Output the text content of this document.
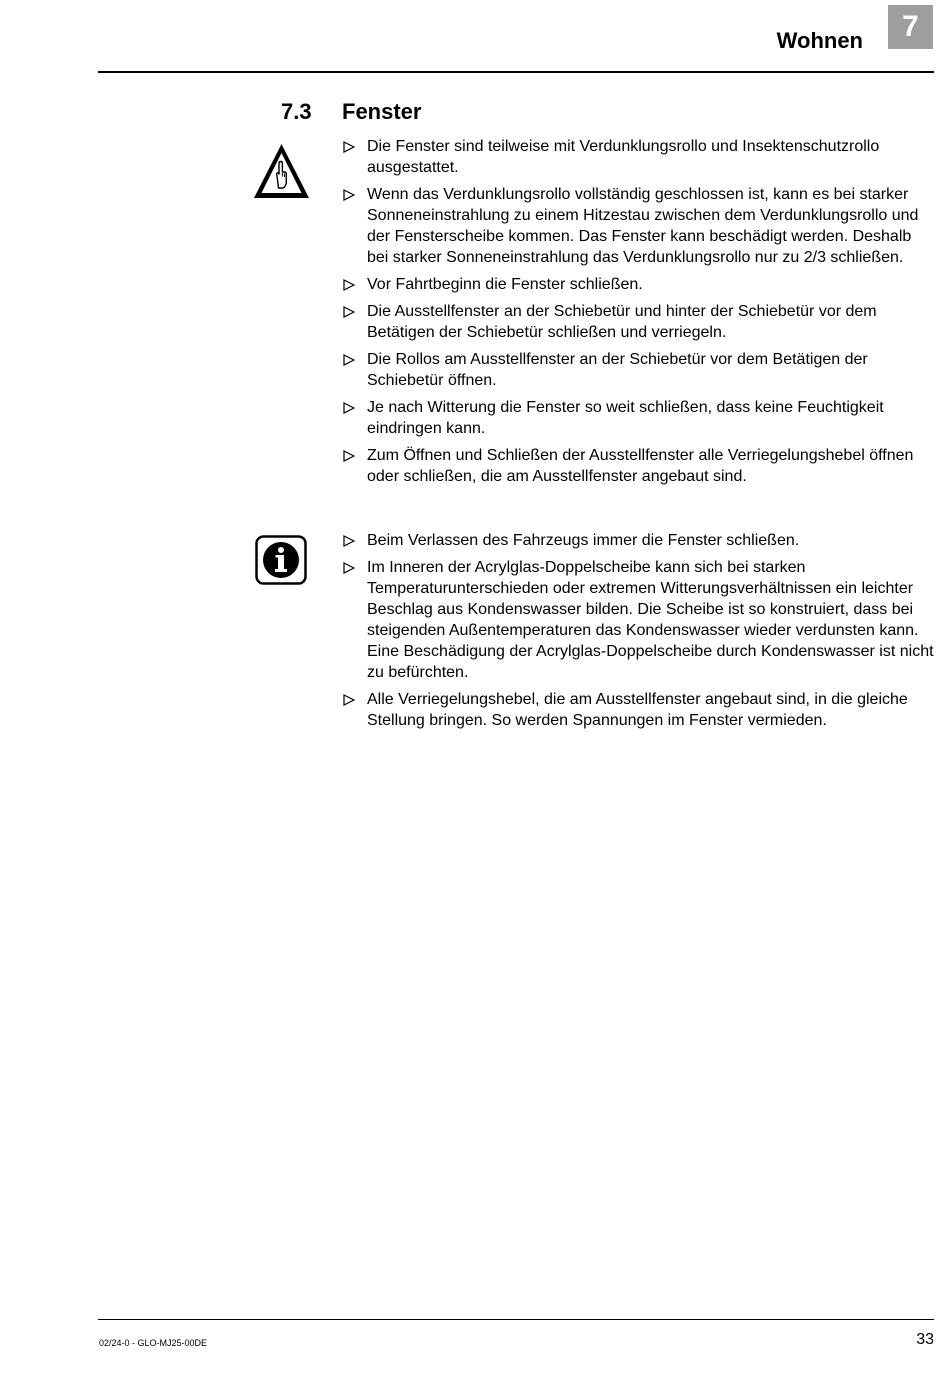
Wohnen	7
7.3 Fenster
Die Fenster sind teilweise mit Verdunklungsrollo und Insektenschutzrollo ausgestattet.
Wenn das Verdunklungsrollo vollständig geschlossen ist, kann es bei starker Sonneneinstrahlung zu einem Hitzestau zwischen dem Verdunklungsrollo und der Fensterscheibe kommen. Das Fenster kann beschädigt werden. Deshalb bei starker Sonneneinstrahlung das Verdunklungsrollo nur zu 2/3 schließen.
Vor Fahrtbeginn die Fenster schließen.
Die Ausstellfenster an der Schiebetür und hinter der Schiebetür vor dem Betätigen der Schiebetür schließen und verriegeln.
Die Rollos am Ausstellfenster an der Schiebetür vor dem Betätigen der Schiebetür öffnen.
Je nach Witterung die Fenster so weit schließen, dass keine Feuchtigkeit eindringen kann.
Zum Öffnen und Schließen der Ausstellfenster alle Verriegelungshebel öffnen oder schließen, die am Ausstellfenster angebaut sind.
Beim Verlassen des Fahrzeugs immer die Fenster schließen.
Im Inneren der Acrylglas-Doppelscheibe kann sich bei starken Temperaturunterschieden oder extremen Witterungsverhältnissen ein leichter Beschlag aus Kondenswasser bilden. Die Scheibe ist so konstruiert, dass bei steigenden Außentemperaturen das Kondenswasser wieder verdunsten kann. Eine Beschädigung der Acrylglas-Doppelscheibe durch Kondenswasser ist nicht zu befürchten.
Alle Verriegelungshebel, die am Ausstellfenster angebaut sind, in die gleiche Stellung bringen. So werden Spannungen im Fenster vermieden.
02/24-0 - GLO-MJ25-00DE	33
